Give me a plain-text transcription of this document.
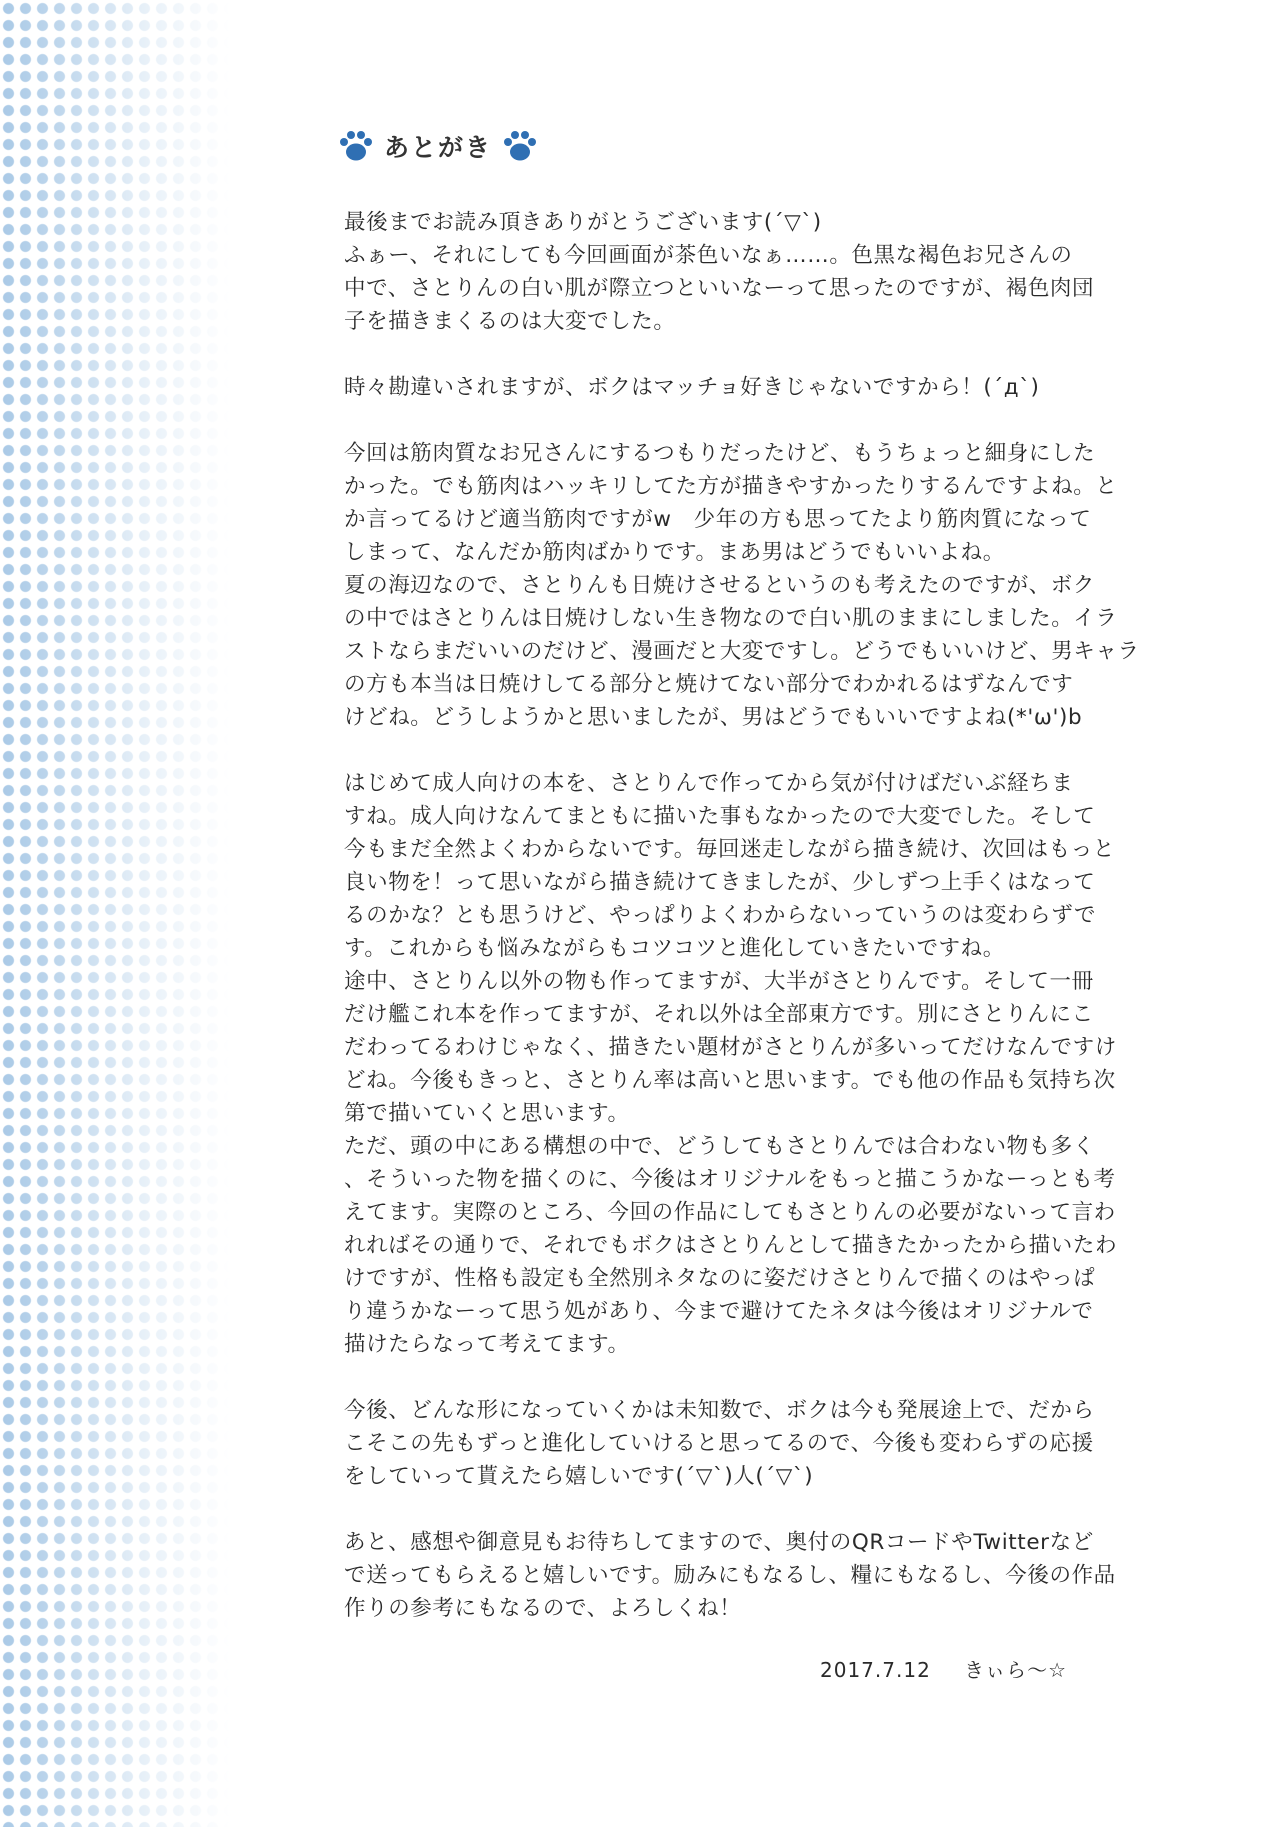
あとがき
最後までお読み頂きありがとうございます(´▽`)
ふぁー、それにしても今回画面が茶色いなぁ……。色黒な褐色お兄さんの
中で、さとりんの白い肌が際立つといいなーって思ったのですが、褐色肉団
子を描きまくるのは大変でした。
時々勘違いされますが、ボクはマッチョ好きじゃないですから！(´д`)
今回は筋肉質なお兄さんにするつもりだったけど、もうちょっと細身にした
かった。でも筋肉はハッキリしてた方が描きやすかったりするんですよね。と
か言ってるけど適当筋肉ですがw　少年の方も思ってたより筋肉質になって
しまって、なんだか筋肉ばかりです。まあ男はどうでもいいよね。
夏の海辺なので、さとりんも日焼けさせるというのも考えたのですが、ボク
の中ではさとりんは日焼けしない生き物なので白い肌のままにしました。イラ
ストならまだいいのだけど、漫画だと大変ですし。どうでもいいけど、男キャラ
の方も本当は日焼けしてる部分と焼けてない部分でわかれるはずなんです
けどね。どうしようかと思いましたが、男はどうでもいいですよね(*'ω')b
はじめて成人向けの本を、さとりんで作ってから気が付けばだいぶ経ちま
すね。成人向けなんてまともに描いた事もなかったので大変でした。そして
今もまだ全然よくわからないです。毎回迷走しながら描き続け、次回はもっと
良い物を！って思いながら描き続けてきましたが、少しずつ上手くはなって
るのかな？とも思うけど、やっぱりよくわからないっていうのは変わらずで
す。これからも悩みながらもコツコツと進化していきたいですね。
途中、さとりん以外の物も作ってますが、大半がさとりんです。そして一冊
だけ艦これ本を作ってますが、それ以外は全部東方です。別にさとりんにこ
だわってるわけじゃなく、描きたい題材がさとりんが多いってだけなんですけ
どね。今後もきっと、さとりん率は高いと思います。でも他の作品も気持ち次
第で描いていくと思います。
ただ、頭の中にある構想の中で、どうしてもさとりんでは合わない物も多く
、そういった物を描くのに、今後はオリジナルをもっと描こうかなーっとも考
えてます。実際のところ、今回の作品にしてもさとりんの必要がないって言わ
れればその通りで、それでもボクはさとりんとして描きたかったから描いたわ
けですが、性格も設定も全然別ネタなのに姿だけさとりんで描くのはやっぱ
り違うかなーって思う処があり、今まで避けてたネタは今後はオリジナルで
描けたらなって考えてます。
今後、どんな形になっていくかは未知数で、ボクは今も発展途上で、だから
こそこの先もずっと進化していけると思ってるので、今後も変わらずの応援
をしていって貰えたら嬉しいです(´▽`)人(´▽`)
あと、感想や御意見もお待ちしてますので、奥付のQRコードやTwitterなど
で送ってもらえると嬉しいです。励みにもなるし、糧にもなるし、今後の作品
作りの参考にもなるので、よろしくね！
2017.7.12 きぃら～☆
